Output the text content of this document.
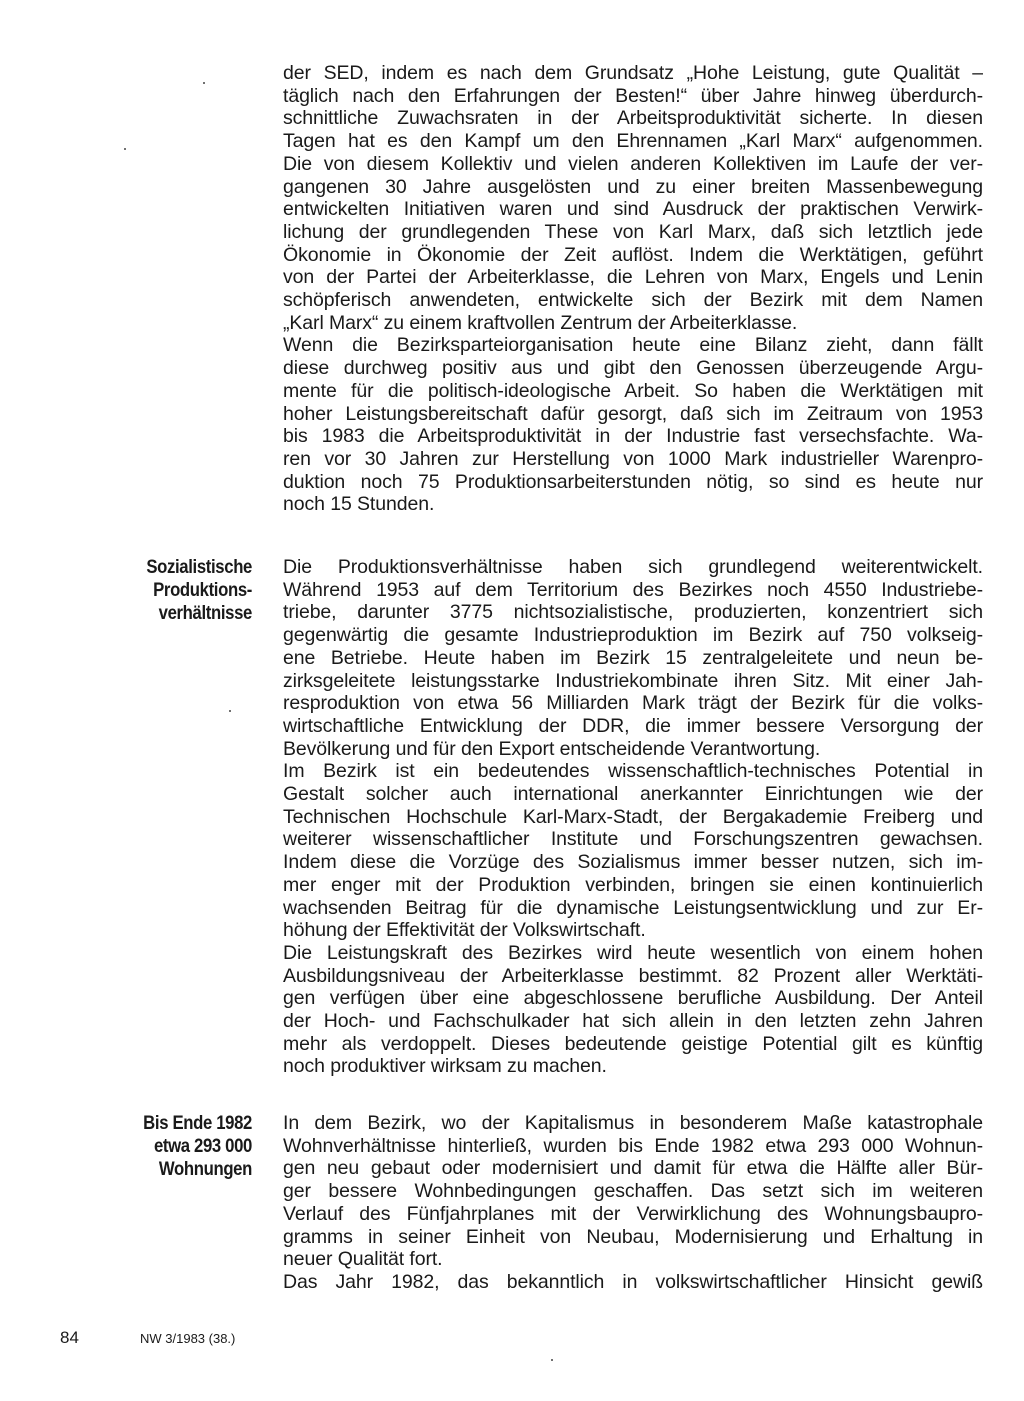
der SED, indem es nach dem Grundsatz „Hohe Leistung, gute Qualität –
täglich nach den Erfahrungen der Besten!“ über Jahre hinweg überdurch-
schnittliche Zuwachsraten in der Arbeitsproduktivität sicherte. In diesen
Tagen hat es den Kampf um den Ehrennamen „Karl Marx“ aufgenommen.
Die von diesem Kollektiv und vielen anderen Kollektiven im Laufe der ver-
gangenen 30 Jahre ausgelösten und zu einer breiten Massenbewegung
entwickelten Initiativen waren und sind Ausdruck der praktischen Verwirk-
lichung der grundlegenden These von Karl Marx, daß sich letztlich jede
Ökonomie in Ökonomie der Zeit auflöst. Indem die Werktätigen, geführt
von der Partei der Arbeiterklasse, die Lehren von Marx, Engels und Lenin
schöpferisch anwendeten, entwickelte sich der Bezirk mit dem Namen
„Karl Marx“ zu einem kraftvollen Zentrum der Arbeiterklasse.

Wenn die Bezirksparteiorganisation heute eine Bilanz zieht, dann fällt
diese durchweg positiv aus und gibt den Genossen überzeugende Argu-
mente für die politisch-ideologische Arbeit. So haben die Werktätigen mit
hoher Leistungsbereitschaft dafür gesorgt, daß sich im Zeitraum von 1953
bis 1983 die Arbeitsproduktivität in der Industrie fast versechsfachte. Wa-
ren vor 30 Jahren zur Herstellung von 1000 Mark industrieller Warenpro-
duktion noch 75 Produktionsarbeiterstunden nötig, so sind es heute nur
noch 15 Stunden.

Sozialistische
Produktions-
verhältnisse

Die Produktionsverhältnisse haben sich grundlegend weiterentwickelt.
Während 1953 auf dem Territorium des Bezirkes noch 4550 Industriebe-
triebe, darunter 3775 nichtsozialistische, produzierten, konzentriert sich
gegenwärtig die gesamte Industrieproduktion im Bezirk auf 750 volkseig-
ene Betriebe. Heute haben im Bezirk 15 zentralgeleitete und neun be-
zirksgeleitete leistungsstarke Industriekombinate ihren Sitz. Mit einer Jah-
resproduktion von etwa 56 Milliarden Mark trägt der Bezirk für die volks-
wirtschaftliche Entwicklung der DDR, die immer bessere Versorgung der
Bevölkerung und für den Export entscheidende Verantwortung.

Im Bezirk ist ein bedeutendes wissenschaftlich-technisches Potential in
Gestalt solcher auch international anerkannter Einrichtungen wie der
Technischen Hochschule Karl-Marx-Stadt, der Bergakademie Freiberg und
weiterer wissenschaftlicher Institute und Forschungszentren gewachsen.
Indem diese die Vorzüge des Sozialismus immer besser nutzen, sich im-
mer enger mit der Produktion verbinden, bringen sie einen kontinuierlich
wachsenden Beitrag für die dynamische Leistungsentwicklung und zur Er-
höhung der Effektivität der Volkswirtschaft.

Die Leistungskraft des Bezirkes wird heute wesentlich von einem hohen
Ausbildungsniveau der Arbeiterklasse bestimmt. 82 Prozent aller Werktäti-
gen verfügen über eine abgeschlossene berufliche Ausbildung. Der Anteil
der Hoch- und Fachschulkader hat sich allein in den letzten zehn Jahren
mehr als verdoppelt. Dieses bedeutende geistige Potential gilt es künftig
noch produktiver wirksam zu machen.

Bis Ende 1982
etwa 293 000
Wohnungen

In dem Bezirk, wo der Kapitalismus in besonderem Maße katastrophale
Wohnverhältnisse hinterließ, wurden bis Ende 1982 etwa 293 000 Wohnun-
gen neu gebaut oder modernisiert und damit für etwa die Hälfte aller Bür-
ger bessere Wohnbedingungen geschaffen. Das setzt sich im weiteren
Verlauf des Fünfjahrplanes mit der Verwirklichung des Wohnungsbaupro-
gramms in seiner Einheit von Neubau, Modernisierung und Erhaltung in
neuer Qualität fort.

Das Jahr 1982, das bekanntlich in volkswirtschaftlicher Hinsicht gewiß

84	NW 3/1983 (38.)
